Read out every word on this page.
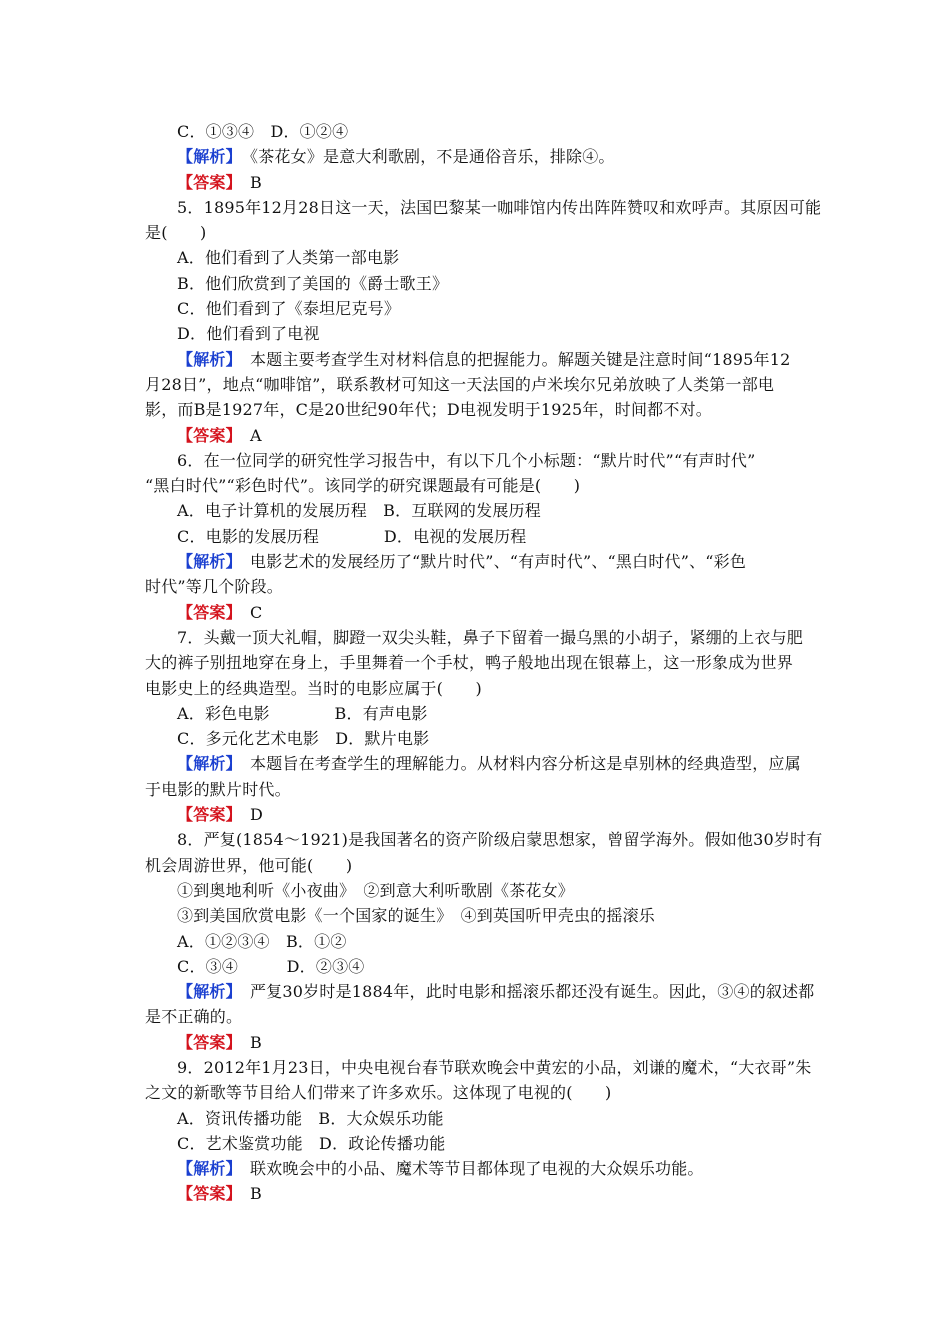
C．①③④　D．①②④
【解析】　 《茶花女》是意大利歌剧，不是通俗音乐，排除④。
【答案】　 B
5．1895年12月28日这一天，法国巴黎某一咖啡馆内传出阵阵赞叹和欢呼声。其原因可能
是(　　)
A．他们看到了人类第一部电影
B．他们欣赏到了美国的《爵士歌王》
C．他们看到了《泰坦尼克号》
D．他们看到了电视
【解析】　 本题主要考查学生对材料信息的把握能力。解题关键是注意时间“1895年12
月28日”，地点“咖啡馆”，联系教材可知这一天法国的卢米埃尔兄弟放映了人类第一部电
影，而B是1927年，C是20世纪90年代；D电视发明于1925年，时间都不对。
【答案】　 A
6．在一位同学的研究性学习报告中，有以下几个小标题：“默片时代”“有声时代”
“黑白时代”“彩色时代”。该同学的研究课题最有可能是(　　)
A．电子计算机的发展历程　B．互联网的发展历程
C．电影的发展历程　　　　D．电视的发展历程
【解析】　 电影艺术的发展经历了“默片时代”、“有声时代”、“黑白时代”、“彩色
时代”等几个阶段。
【答案】　 C
7．头戴一顶大礼帽，脚蹬一双尖头鞋，鼻子下留着一撮乌黑的小胡子，紧绷的上衣与肥
大的裤子别扭地穿在身上，手里舞着一个手杖，鸭子般地出现在银幕上，这一形象成为世界
电影史上的经典造型。当时的电影应属于(　　)
A．彩色电影　　　　B．有声电影
C．多元化艺术电影　D．默片电影
【解析】　 本题旨在考查学生的理解能力。从材料内容分析这是卓别林的经典造型，应属
于电影的默片时代。
【答案】　 D
8．严复(1854～1921)是我国著名的资产阶级启蒙思想家，曾留学海外。假如他30岁时有
机会周游世界，他可能(　　)
①到奥地利听《小夜曲》　②到意大利听歌剧《茶花女》
③到美国欣赏电影《一个国家的诞生》　④到英国听甲壳虫的摇滚乐
A．①②③④　B．①②
C．③④　　　D．②③④
【解析】　 严复30岁时是1884年，此时电影和摇滚乐都还没有诞生。因此，③④的叙述都
是不正确的。
【答案】　 B
9．2012年1月23日，中央电视台春节联欢晚会中黄宏的小品，刘谦的魔术，“大衣哥”朱
之文的新歌等节目给人们带来了许多欢乐。这体现了电视的(　　)
A．资讯传播功能　B．大众娱乐功能
C．艺术鉴赏功能　D．政论传播功能
【解析】　 联欢晚会中的小品、魔术等节目都体现了电视的大众娱乐功能。
【答案】　 B
